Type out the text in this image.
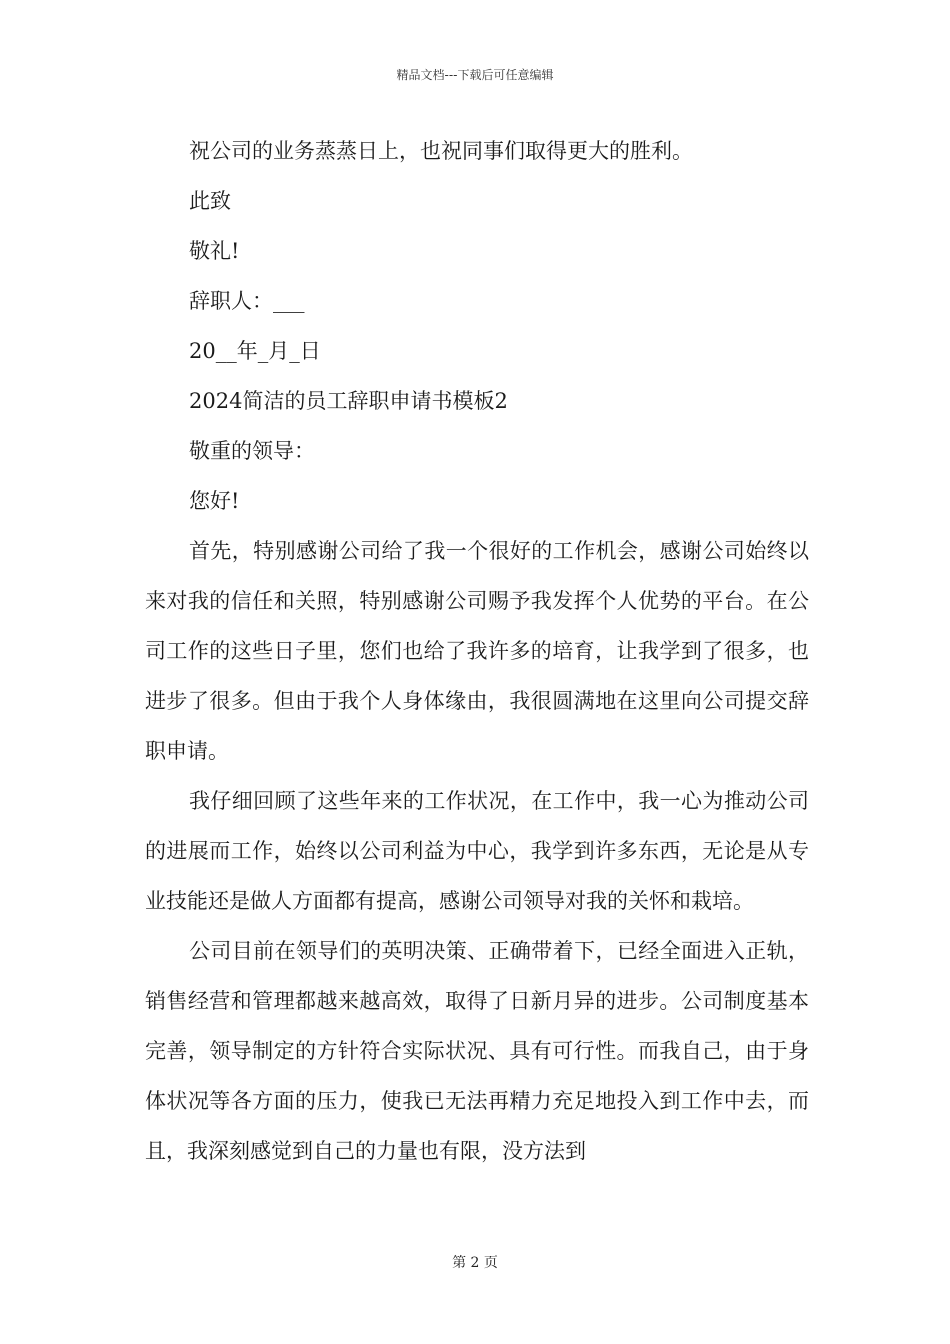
精品文档---下载后可任意编辑
祝公司的业务蒸蒸日上，也祝同事们取得更大的胜利。
此致
敬礼!
辞职人：___
20__年_月_日
2024简洁的员工辞职申请书模板2
敬重的领导：
您好!

首先，特别感谢公司给了我一个很好的工作机会，感谢公司始终以来对我的信任和关照，特别感谢公司赐予我发挥个人优势的平台。在公司工作的这些日子里，您们也给了我许多的培育，让我学到了很多，也进步了很多。但由于我个人身体缘由，我很圆满地在这里向公司提交辞职申请。

我仔细回顾了这些年来的工作状况，在工作中，我一心为推动公司的进展而工作，始终以公司利益为中心，我学到许多东西，无论是从专业技能还是做人方面都有提高，感谢公司领导对我的关怀和栽培。

公司目前在领导们的英明决策、正确带着下，已经全面进入正轨，销售经营和管理都越来越高效，取得了日新月异的进步。公司制度基本完善，领导制定的方针符合实际状况、具有可行性。而我自己，由于身体状况等各方面的压力，使我已无法再精力充足地投入到工作中去，而且，我深刻感觉到自己的力量也有限，没方法到

第 2 页
